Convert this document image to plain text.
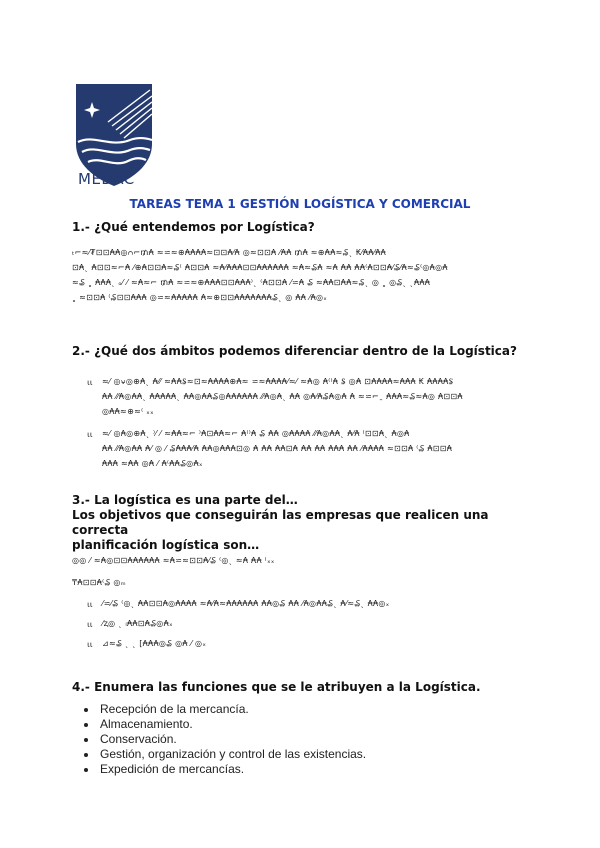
MEDAC
TAREAS TEMA 1 GESTIÓN LOGÍSTICA Y COMERCIAL
1.- ¿Qué entendemos por Logística?
ₜ⌐≈⁄₮⊡⊡₳₳◎ᴒ⌐₥₳ ≈⋍≈⊕₳₳₳₳≈⊡⊡₳⁄₳ ◎≈⊡⊡₳ ⁄₳₳ ₥₳ ≈⊕₳₳≈₷ˎ ₭⁄₳₳⁄₳₳
⊡₳ˎ ₳⊡⊡≈⌐₳ ⁄⊕₳⊡⊡₳≈₷⁽ ₳⊡⊡₳ ≈₳⁄₳₳₳⊡⊡₳₳₳₳₳₳ ≈₳≈₷₳ ≈₳ ₳₳ ₳₳⁽₳⊡⊡₳⁄₷⁄₳≈₷⁽◎₳◎₳
≈₷ ˳ ₳₳₳ˎ ₒ⁄ ⁄ ≈₳≈⌐ ₥₳ ≈⋍≈⊕₳₳₳⊡⊡₳₳₳⁾ˎ ⁽₳⊡⊡₳ ⁄⋍₳ ₷ ≈₳₳⊡₳₳≈₷ˎ ◎ ˳ ◎₷ˎ ˎ₳₳₳
˳ ≈⊡⊡₳ ⁽₷⊡⊡₳₳₳ ◎⋍≈₳₳₳₳₳ ₳≈⊕⊡⊡₳₳₳₳₳₳₳₷ˎ ◎ ₳₳ ⁄₳◎ₓ
2.- ¿Qué dos ámbitos podemos diferenciar dentro de la Logística?
⍳⍳ ≈⁄ ◎⍱◎⊕₳ˎ ₳⁄⁄ ≈₳₳₷≈⊡≈₳₳₳₳⊕₳≈ ⋍≈₳₳₳₳⁄≈⁄ ≈₳◎ ₳⁽⁾₳ ₷ ◎₳ ⊡₳₳₳₳≈₳₳₳ ₭ ₳₳₳₳₷
₳₳ ⁄⁄₳◎₳₳ˎ ₳₳₳₳₳ˎ ₳₳◎₳₳₷◎₳₳₳₳₳₳ ⁄⁄₳◎₳ˎ ₳₳ ◎₳⁄₳₷₳◎₳ ₳ ≈⋍⌐ˍ ₳₳₳≈₷≈₳◎ ₳⊡⊡₳
◎₳₳≈⊕≈⁽ ₓₓ
⍳⍳ ≈⁄ ◎₳◎⊕₳ˎ ⁾⁄ ⁄ ≈₳₳≈⌐ ⁾₳⊡₳₳≈⌐ ₳⁽⁾₳ ₷ ₳₳ ◎₳₳₳₳ ⁄⁄₳◎₳₳ˎ ₳⁄₳ ⁽⊡⊡₳ˎ ₳◎₳
₳₳ ⁄⁄₳◎₳₳ ₳⁄ ◎ ⁄ ₷₳₳₳⁄₳ ₳₳◎₳₳₳⊡◎ ₳ ₳₳ ₳₳⊡₳ ₳₳ ₳₳ ₳₳₳ ₳₳ ⁄₳₳₳₳ ≈⊡⊡₳ ⁽₷ ₳⊡⊡₳
₳₳₳ ≈₳₳ ◎₳ ⁄ ₳⁽₳₳₷◎₳ₓ
3.- La logística es una parte del…
Los objetivos que conseguirán las empresas que realicen una correcta
planificación logística son…
◎◎ ⁄ ≈₳◎⊡⊡₳₳₳₳₳₳ ≈₳⋍≈⊡⊡₳⁄₷ ⁽◎ˎ ≈₳ ₳₳ ⁽ₓₓ
₸₳⊡⊡₳⁽₷ ◎ₘ
⍳⍳ ⁄⋍⁄₷ ⁽◎ˎ ₳₳⊡⊡₳◎₳₳₳₳ ≈₳⁄₳≈₳₳₳₳₳₳ ₳₳◎₷ ₳₳ ⁄₳◎₳₳₷ˎ ₳⁄≈₷ˎ ₳₳◎ₓ
⍳⍳ ⁄ⱬ◎ ˎ ₗ₳₳⊡₳₷◎₳ₓ
⍳⍳ ⊿≈₷ ˎ ˎ [₳₳₳◎₷ ◎₳ ⁄ ◎ₓ
4.- Enumera las funciones que se le atribuyen a la Logística.
• Recepción de la mercancía.
• Almacenamiento.
• Conservación.
• Gestión, organización y control de las existencias.
• Expedición de mercancías.
